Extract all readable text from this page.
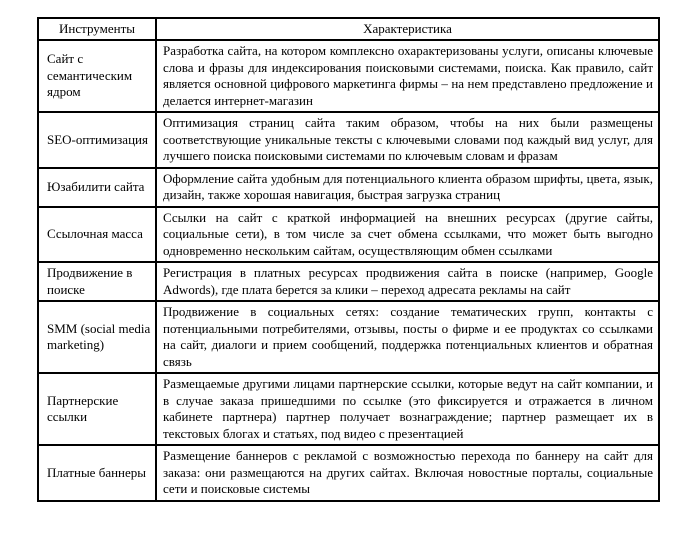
Инструменты	Характеристика
Сайт с семантическим ядром	Разработка сайта, на котором комплексно охарактеризованы услуги, описаны ключевые слова и фразы для индексирования поисковыми системами, поиска. Как правило, сайт является основной цифрового маркетинга фирмы – на нем представлено предложение и делается интернет-магазин
SEO-оптимизация	Оптимизация страниц сайта таким образом, чтобы на них были размещены соответствующие уникальные тексты с ключевыми словами под каждый вид услуг, для лучшего поиска поисковыми системами по ключевым словам и фразам
Юзабилити сайта	Оформление сайта удобным для потенциального клиента образом шрифты, цвета, язык, дизайн, также хорошая навигация, быстрая загрузка страниц
Ссылочная масса	Ссылки на сайт с краткой информацией на внешних ресурсах (другие сайты, социальные сети), в том числе за счет обмена ссылками, что может быть выгодно одновременно нескольким сайтам, осуществляющим обмен ссылками
Продвижение в поиске	Регистрация в платных ресурсах продвижения сайта в поиске (например, Google Adwords), где плата берется за клики – переход адресата рекламы на сайт
SMM (social media marketing)	Продвижение в социальных сетях: создание тематических групп, контакты с потенциальными потребителями, отзывы, посты о фирме и ее продуктах со ссылками на сайт, диалоги и прием сообщений, поддержка потенциальных клиентов и обратная связь
Партнерские ссылки	Размещаемые другими лицами партнерские ссылки, которые ведут на сайт компании, и в случае заказа пришедшими по ссылке (это фиксируется и отражается в личном кабинете партнера) партнер получает вознаграждение; партнер размещает их в текстовых блогах и статьях, под видео с презентацией
Платные баннеры	Размещение баннеров с рекламой с возможностью перехода по баннеру на сайт для заказа: они размещаются на других сайтах. Включая новостные порталы, социальные сети и поисковые системы
